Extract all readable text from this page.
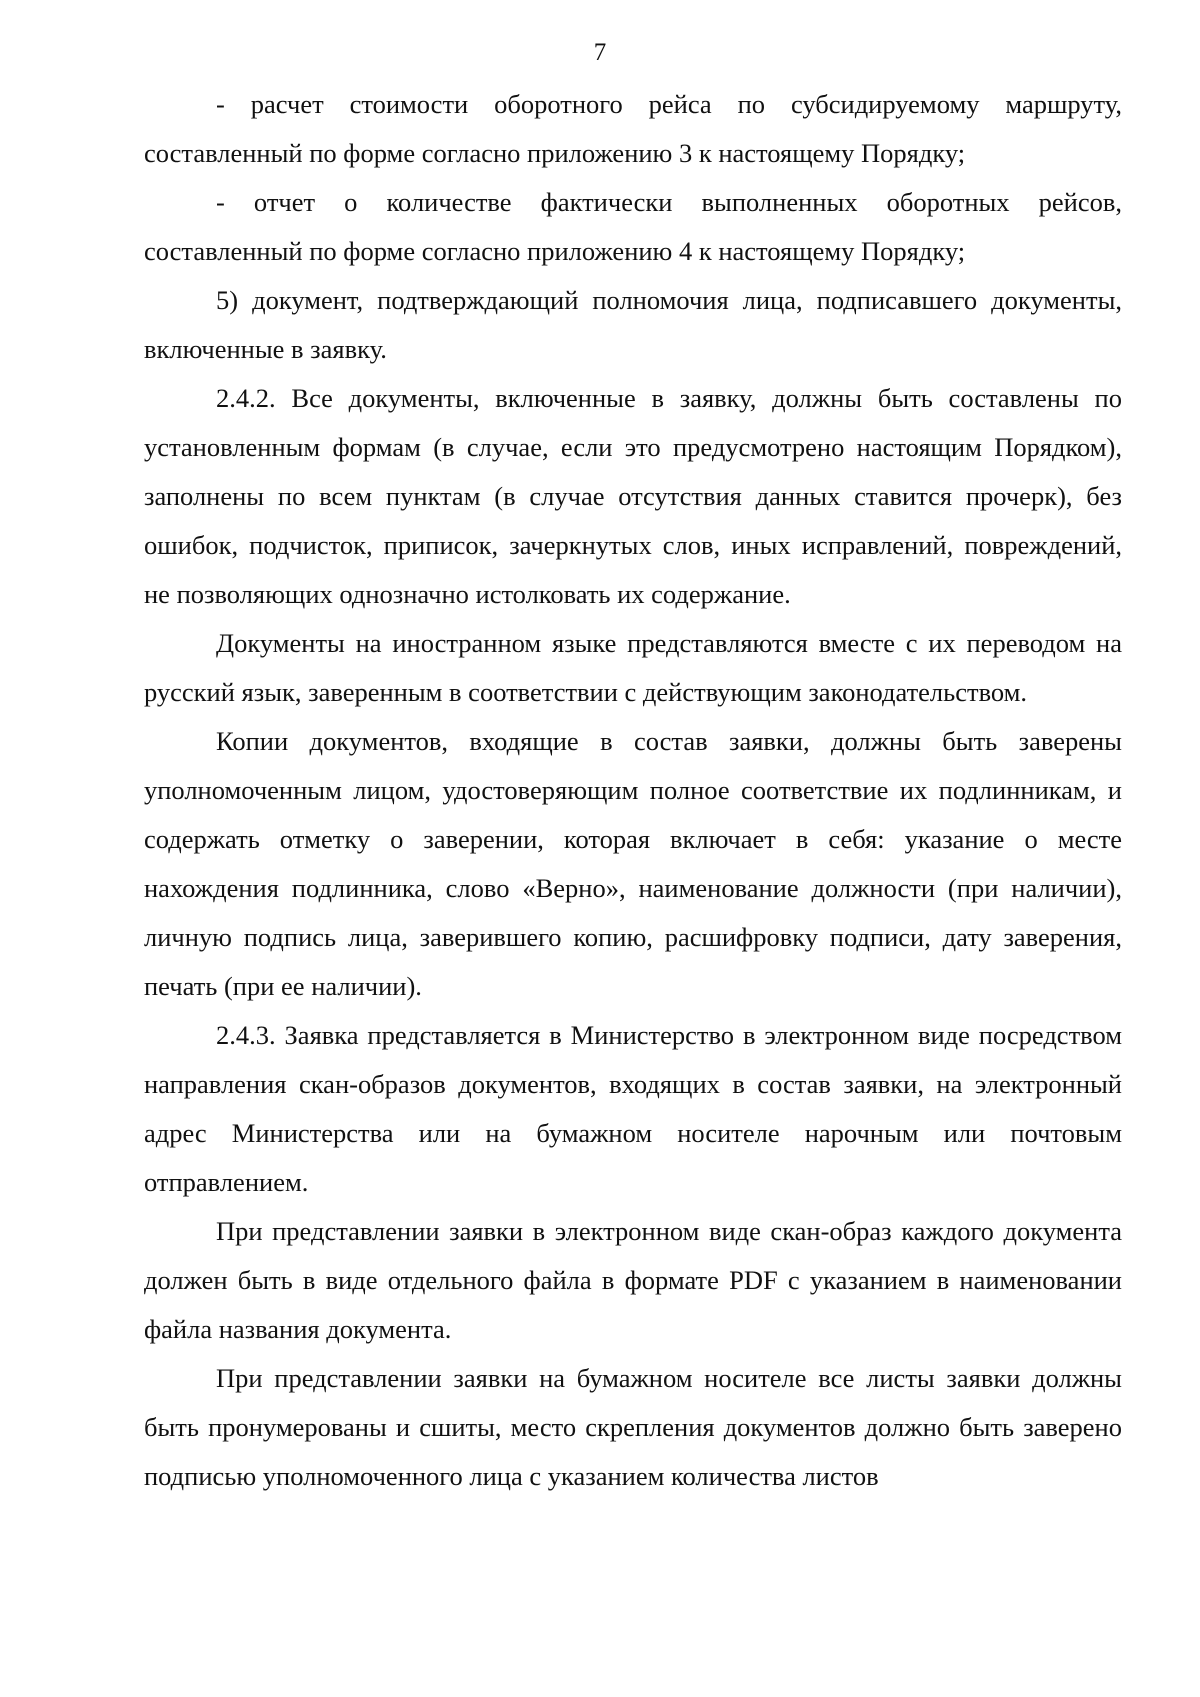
7

- расчет стоимости оборотного рейса по субсидируемому маршруту, составленный по форме согласно приложению 3 к настоящему Порядку;

- отчет о количестве фактически выполненных оборотных рейсов, составленный по форме согласно приложению 4 к настоящему Порядку;

5) документ, подтверждающий полномочия лица, подписавшего документы, включенные в заявку.

2.4.2. Все документы, включенные в заявку, должны быть составлены по установленным формам (в случае, если это предусмотрено настоящим Порядком), заполнены по всем пунктам (в случае отсутствия данных ставится прочерк), без ошибок, подчисток, приписок, зачеркнутых слов, иных исправлений, повреждений, не позволяющих однозначно истолковать их содержание.

Документы на иностранном языке представляются вместе с их переводом на русский язык, заверенным в соответствии с действующим законодательством.

Копии документов, входящие в состав заявки, должны быть заверены уполномоченным лицом, удостоверяющим полное соответствие их подлинникам, и содержать отметку о заверении, которая включает в себя: указание о месте нахождения подлинника, слово «Верно», наименование должности (при наличии), личную подпись лица, заверившего копию, расшифровку подписи, дату заверения, печать (при ее наличии).

2.4.3. Заявка представляется в Министерство в электронном виде посредством направления скан-образов документов, входящих в состав заявки, на электронный адрес Министерства или на бумажном носителе нарочным или почтовым отправлением.

При представлении заявки в электронном виде скан-образ каждого документа должен быть в виде отдельного файла в формате PDF с указанием в наименовании файла названия документа.

При представлении заявки на бумажном носителе все листы заявки должны быть пронумерованы и сшиты, место скрепления документов должно быть заверено подписью уполномоченного лица с указанием количества листов
